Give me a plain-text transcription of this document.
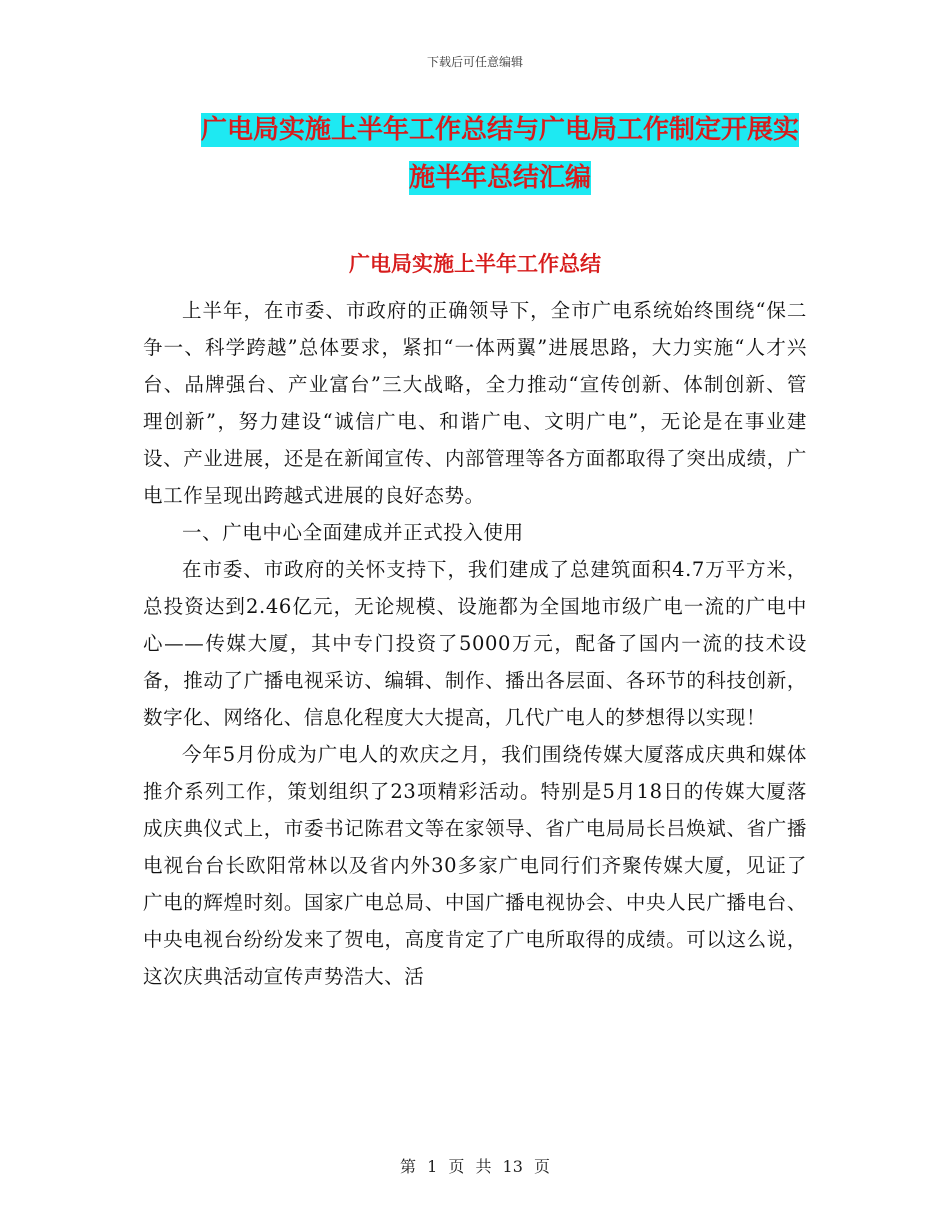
下载后可任意编辑
广电局实施上半年工作总结与广电局工作制定开展实
施半年总结汇编
广电局实施上半年工作总结

上半年，在市委、市政府的正确领导下，全市广电系统始终围绕“保二争一、科学跨越”总体要求，紧扣“一体两翼”进展思路，大力实施“人才兴台、品牌强台、产业富台”三大战略，全力推动“宣传创新、体制创新、管理创新”，努力建设“诚信广电、和谐广电、文明广电”，无论是在事业建设、产业进展，还是在新闻宣传、内部管理等各方面都取得了突出成绩，广电工作呈现出跨越式进展的良好态势。

一、广电中心全面建成并正式投入使用

在市委、市政府的关怀支持下，我们建成了总建筑面积4.7万平方米，总投资达到2.46亿元，无论规模、设施都为全国地市级广电一流的广电中心——传媒大厦，其中专门投资了5000万元，配备了国内一流的技术设备，推动了广播电视采访、编辑、制作、播出各层面、各环节的科技创新，数字化、网络化、信息化程度大大提高，几代广电人的梦想得以实现！

今年5月份成为广电人的欢庆之月，我们围绕传媒大厦落成庆典和媒体推介系列工作，策划组织了23项精彩活动。特别是5月18日的传媒大厦落成庆典仪式上，市委书记陈君文等在家领导、省广电局局长吕焕斌、省广播电视台台长欧阳常林以及省内外30多家广电同行们齐聚传媒大厦，见证了广电的辉煌时刻。国家广电总局、中国广播电视协会、中央人民广播电台、中央电视台纷纷发来了贺电，高度肯定了广电所取得的成绩。可以这么说，这次庆典活动宣传声势浩大、活

第 1 页 共 13 页
